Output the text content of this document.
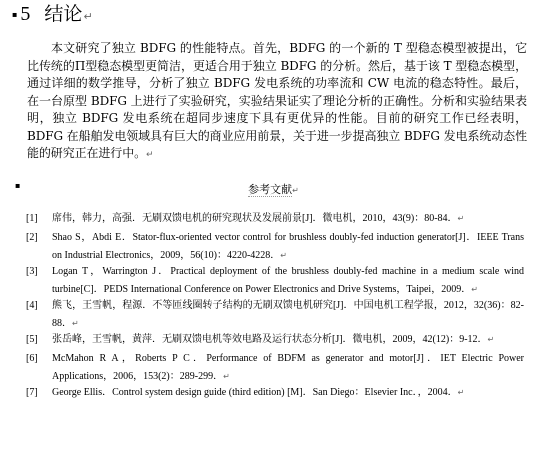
▪ 5 结论 ↵
本文研究了独立 BDFG 的性能特点。首先，BDFG 的一个新的 T 型稳态模型被提出，它比传统的Π型稳态模型更简洁，更适合用于独立 BDFG 的分析。然后，基于该 T 型稳态模型，通过详细的数学推导，分析了独立 BDFG 发电系统的功率流和 CW 电流的稳态特性。最后，在一台原型 BDFG 上进行了实验研究，实验结果证实了理论分析的正确性。分析和实验结果表明，独立 BDFG 发电系统在超同步速度下具有更优异的性能。目前的研究工作已经表明，BDFG 在船舶发电领域具有巨大的商业应用前景，关于进一步提高独立 BDFG 发电系统动态性能的研究正在进行中。↵
▪	参考文献↵
[1]	席伟，韩力，高强．无刷双馈电机的研究现状及发展前景[J]．微电机，2010，43(9)：80-84．↵
[2]	Shao S，Abdi E．Stator-flux-oriented vector control for brushless doubly-fed induction generator[J]．IEEE Trans on Industrial Electronics，2009，56(10)：4220-4228．↵
[3]	Logan T，Warrington J．Practical deployment of the brushless doubly-fed machine in a medium scale wind turbine[C]．PEDS International Conference on Power Electronics and Drive Systems，Taipei，2009．↵
[4]	熊飞，王雪帆，程源．不等匝线圈转子结构的无刷双馈电机研究[J]．中国电机工程学报，2012，32(36)：82-88．↵
[5]	张岳峰，王雪帆，黄萍．无刷双馈电机等效电路及运行状态分析[J]．微电机，2009，42(12)：9-12．↵
[6]	McMahon R A，Roberts P C．Performance of BDFM as generator and motor[J]．IET Electric Power Applications，2006，153(2)：289-299．↵
[7]	George Ellis．Control system design guide (third edition) [M]．San Diego：Elsevier Inc．，2004．↵
